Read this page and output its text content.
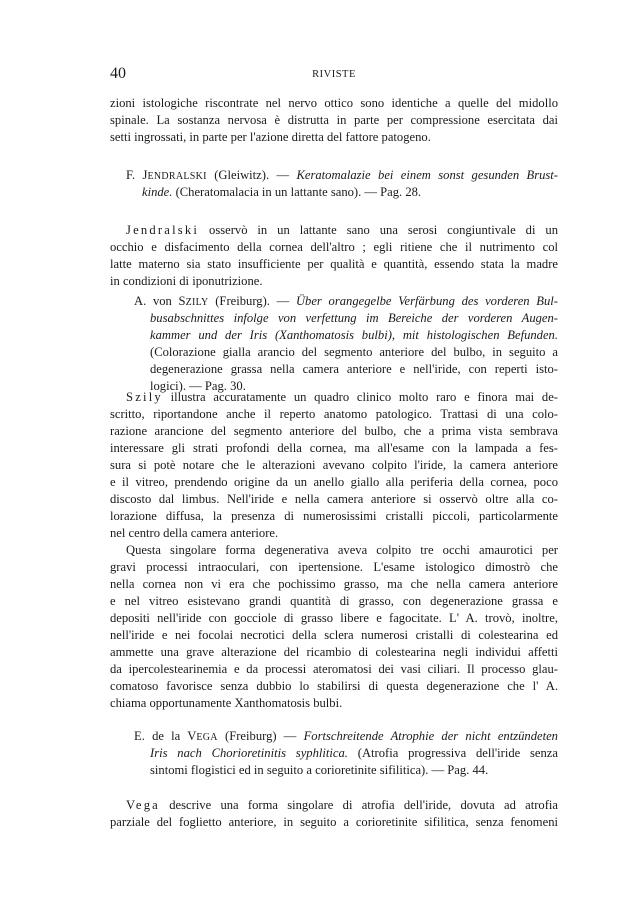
40	RIVISTE
zioni istologiche riscontrate nel nervo ottico sono identiche a quelle del midollo
spinale. La sostanza nervosa è distrutta in parte per compressione esercitata dai
setti ingrossati, in parte per l'azione diretta del fattore patogeno.
F. JENDRALSKI (Gleiwitz). — Keratomalazie bei einem sonst gesunden Brust-
kinde. (Cheratomalacia in un lattante sano). — Pag. 28.
Jendralski osservò in un lattante sano una serosi congiuntivale di un
occhio e disfacimento della cornea dell'altro ; egli ritiene che il nutrimento col
latte materno sia stato insufficiente per qualità e quantità, essendo stata la madre
in condizioni di iponutrizione.
A. von SZILY (Freiburg). — Über orangegelbe Verfärbung des vorderen Bul-
busabschnittes infolge von verfettung im Bereiche der vorderen Augen-
kammer und der Iris (Xanthomatosis bulbi), mit histologischen Befunden.
(Colorazione gialla arancio del segmento anteriore del bulbo, in seguito a
degenerazione grassa nella camera anteriore e nell'iride, con reperti isto-
logici). — Pag. 30.
Szily illustra accuratamente un quadro clinico molto raro e finora mai de-
scritto, riportandone anche il reperto anatomo patologico. Trattasi di una colo-
razione arancione del segmento anteriore del bulbo, che a prima vista sembrava
interessare gli strati profondi della cornea, ma all'esame con la lampada a fes-
sura si potè notare che le alterazioni avevano colpito l'iride, la camera anteriore
e il vitreo, prendendo origine da un anello giallo alla periferia della cornea, poco
discosto dal limbus. Nell'iride e nella camera anteriore si osservò oltre alla co-
lorazione diffusa, la presenza di numerosissimi cristalli piccoli, particolarmente
nel centro della camera anteriore.
Questa singolare forma degenerativa aveva colpito tre occhi amaurotici per
gravi processi intraoculari, con ipertensione. L'esame istologico dimostrò che
nella cornea non vi era che pochissimo grasso, ma che nella camera anteriore
e nel vitreo esistevano grandi quantità di grasso, con degenerazione grassa e
depositi nell'iride con gocciole di grasso libere e fagocitate. L' A. trovò, inoltre,
nell'iride e nei focolai necrotici della sclera numerosi cristalli di colestearina ed
ammette una grave alterazione del ricambio di colestearina negli individui affetti
da ipercolestearinemia e da processi ateromatosi dei vasi ciliari. Il processo glau-
comatoso favorisce senza dubbio lo stabilirsi di questa degenerazione che l' A.
chiama opportunamente Xanthomatosis bulbi.
E. de la VEGA (Freiburg) — Fortschreitende Atrophie der nicht entzündeten
Iris nach Chorioretinitis syphlitica. (Atrofia progressiva dell'iride senza
sintomi flogistici ed in seguito a corioretinite sifilitica). — Pag. 44.
Vega descrive una forma singolare di atrofia dell'iride, dovuta ad atrofia
parziale del foglietto anteriore, in seguito a corioretinite sifilitica, senza fenomeni
